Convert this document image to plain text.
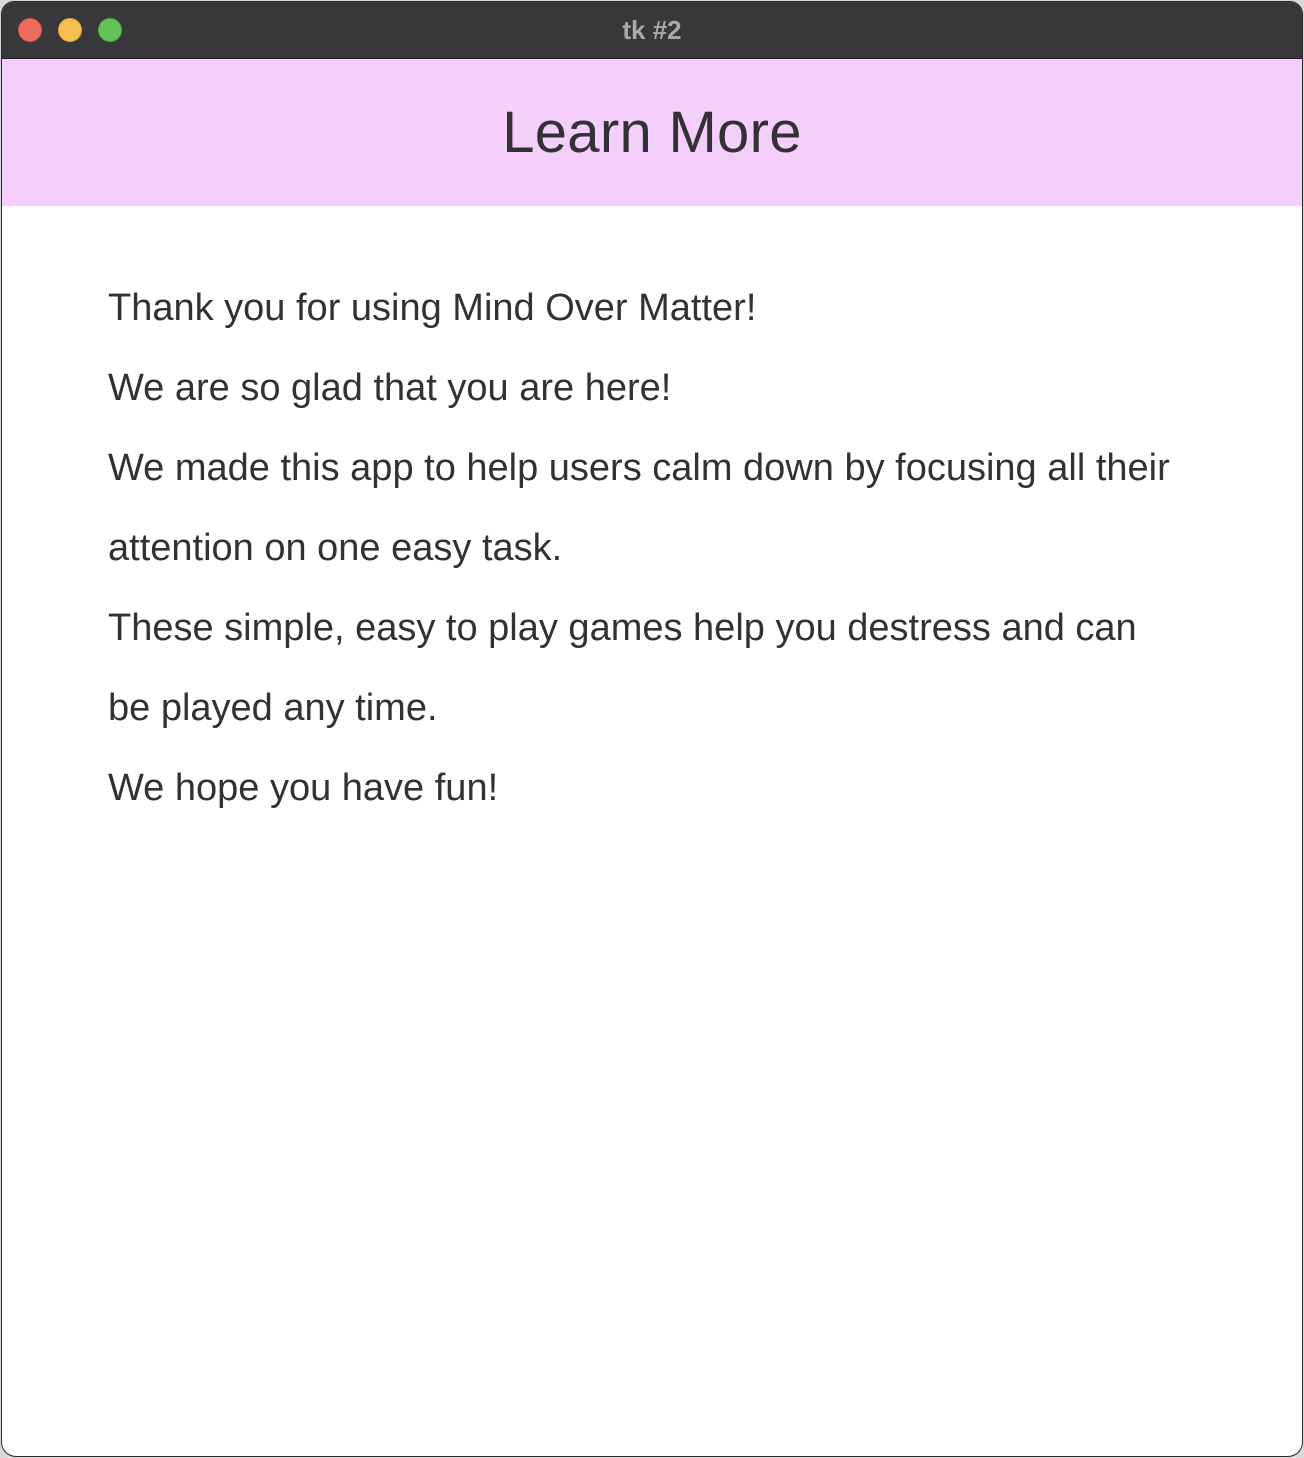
tk #2
Learn More

Thank you for using Mind Over Matter!

We are so glad that you are here!

We made this app to help users calm down by focusing all their attention on one easy task.

These simple, easy to play games help you destress and can be played any time.

We hope you have fun!
